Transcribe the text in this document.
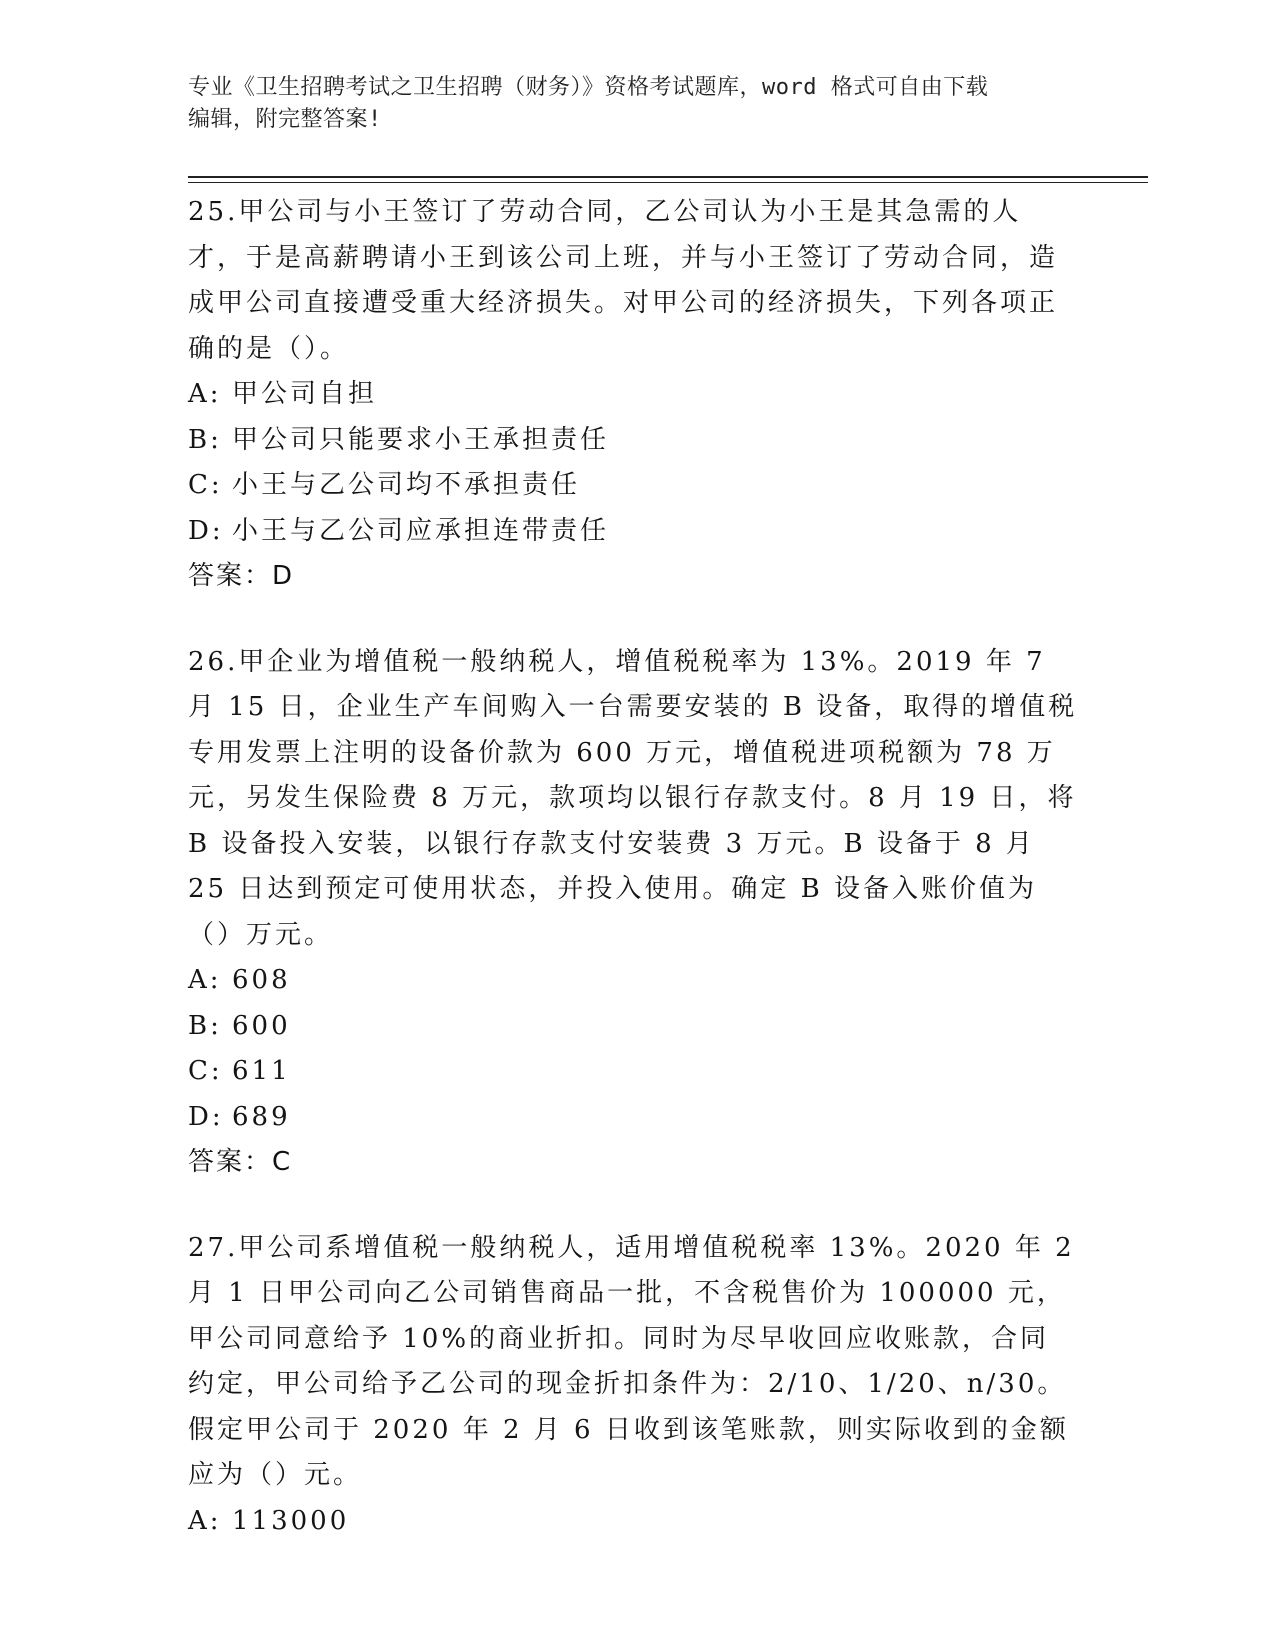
专业《卫生招聘考试之卫生招聘（财务）》资格考试题库，word 格式可自由下载
编辑，附完整答案!

25.甲公司与小王签订了劳动合同，乙公司认为小王是其急需的人才，于是高薪聘请小王到该公司上班，并与小王签订了劳动合同，造成甲公司直接遭受重大经济损失。对甲公司的经济损失，下列各项正确的是（）。

A: 甲公司自担
B: 甲公司只能要求小王承担责任
C: 小王与乙公司均不承担责任
D: 小王与乙公司应承担连带责任
答案：D

26.甲企业为增值税一般纳税人，增值税税率为 13%。2019 年 7 月 15 日，企业生产车间购入一台需要安装的 B 设备，取得的增值税专用发票上注明的设备价款为 600 万元，增值税进项税额为 78 万元，另发生保险费 8 万元，款项均以银行存款支付。8 月 19 日，将 B 设备投入安装，以银行存款支付安装费 3 万元。B 设备于 8 月 25 日达到预定可使用状态，并投入使用。确定 B 设备入账价值为（）万元。

A: 608
B: 600
C: 611
D: 689
答案：C

27.甲公司系增值税一般纳税人，适用增值税税率 13%。2020 年 2 月 1 日甲公司向乙公司销售商品一批，不含税售价为 100000 元，甲公司同意给予 10%的商业折扣。同时为尽早收回应收账款，合同约定，甲公司给予乙公司的现金折扣条件为：2/10、1/20、n/30。假定甲公司于 2020 年 2 月 6 日收到该笔账款，则实际收到的金额应为（）元。

A: 113000
